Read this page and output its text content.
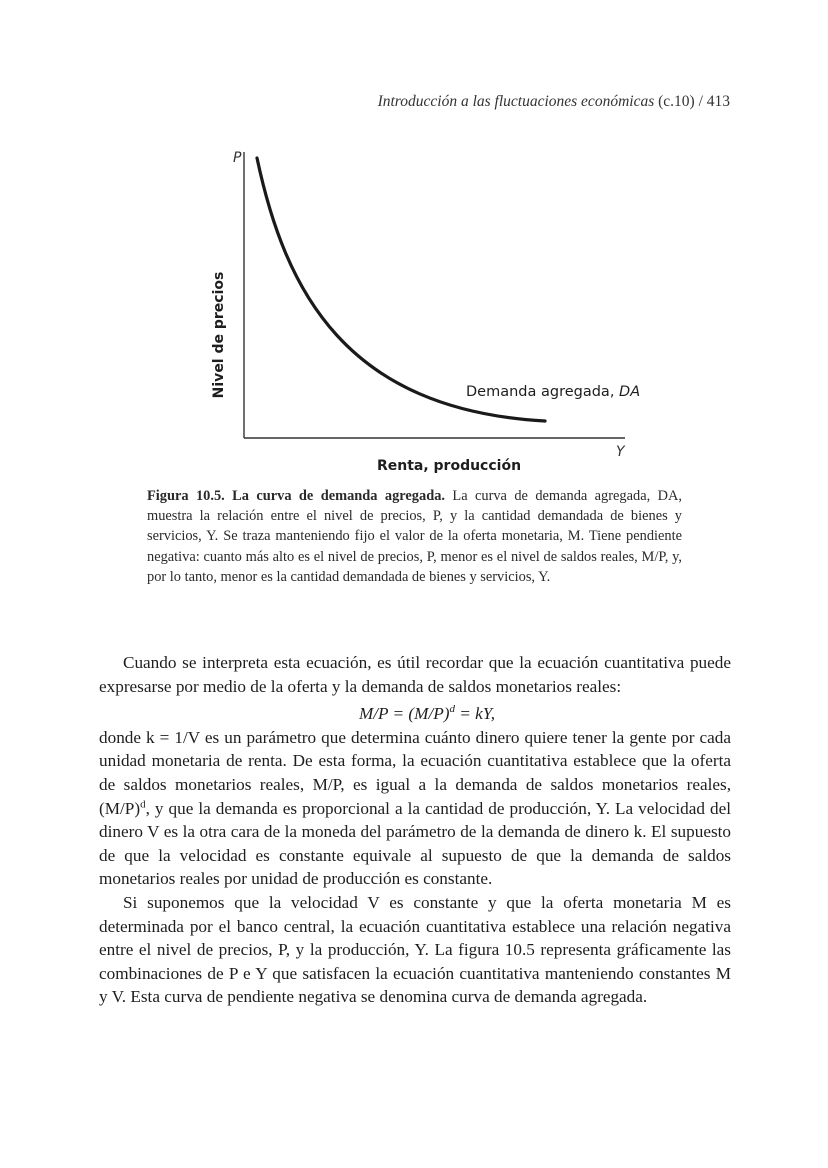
Introducción a las fluctuaciones económicas (c.10) / 413
P
Y
Nivel de precios
Renta, producción
Demanda agregada, DA
Figura 10.5. La curva de demanda agregada. La curva de demanda agregada, DA, muestra la relación entre el nivel de precios, P, y la cantidad demandada de bienes y servicios, Y. Se traza manteniendo fijo el valor de la oferta monetaria, M. Tiene pendiente negativa: cuanto más alto es el nivel de precios, P, menor es el nivel de saldos reales, M/P, y, por lo tanto, menor es la cantidad demandada de bienes y servicios, Y.

Cuando se interpreta esta ecuación, es útil recordar que la ecuación cuantitativa puede expresarse por medio de la oferta y la demanda de saldos monetarios reales:

$M/P = (M/P)^d$ = kY,

donde k = 1/V es un parámetro que determina cuánto dinero quiere tener la gente por cada unidad monetaria de renta. De esta forma, la ecuación cuantitativa establece que la oferta de saldos monetarios reales, M/P, es igual a la demanda de saldos monetarios reales, $(M/P)^d$, y que la demanda es proporcional a la cantidad de producción, Y. La velocidad del dinero V es la otra cara de la moneda del parámetro de la demanda de dinero k. El supuesto de que la velocidad es constante equivale al supuesto de que la demanda de saldos monetarios reales por unidad de producción es constante.

Si suponemos que la velocidad V es constante y que la oferta monetaria M es determinada por el banco central, la ecuación cuantitativa establece una relación negativa entre el nivel de precios, P, y la producción, Y. La figura 10.5 representa gráficamente las combinaciones de P e Y que satisfacen la ecuación cuantitativa manteniendo constantes M y V. Esta curva de pendiente negativa se denomina curva de demanda agregada.
